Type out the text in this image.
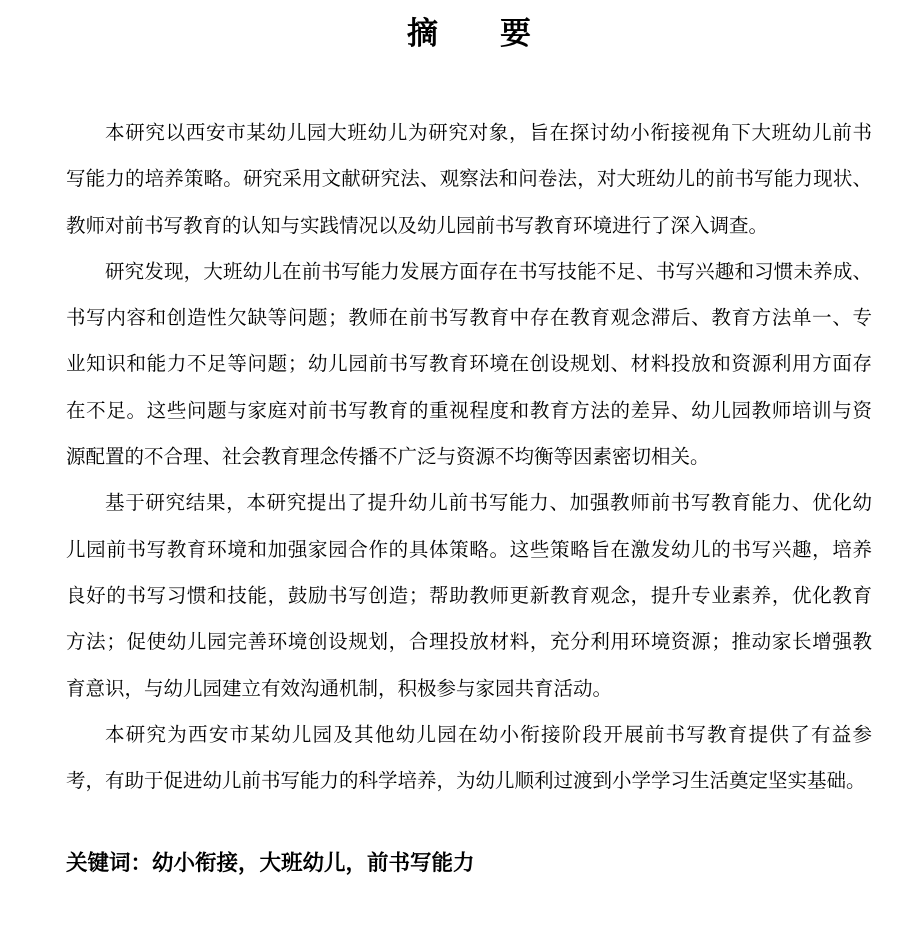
摘　　要
本研究以西安市某幼儿园大班幼儿为研究对象，旨在探讨幼小衔接视角下大班幼儿前书
写能力的培养策略。研究采用文献研究法、观察法和问卷法，对大班幼儿的前书写能力现状、
教师对前书写教育的认知与实践情况以及幼儿园前书写教育环境进行了深入调查。
研究发现，大班幼儿在前书写能力发展方面存在书写技能不足、书写兴趣和习惯未养成、
书写内容和创造性欠缺等问题；教师在前书写教育中存在教育观念滞后、教育方法单一、专
业知识和能力不足等问题；幼儿园前书写教育环境在创设规划、材料投放和资源利用方面存
在不足。这些问题与家庭对前书写教育的重视程度和教育方法的差异、幼儿园教师培训与资
源配置的不合理、社会教育理念传播不广泛与资源不均衡等因素密切相关。
基于研究结果，本研究提出了提升幼儿前书写能力、加强教师前书写教育能力、优化幼
儿园前书写教育环境和加强家园合作的具体策略。这些策略旨在激发幼儿的书写兴趣，培养
良好的书写习惯和技能，鼓励书写创造；帮助教师更新教育观念，提升专业素养，优化教育
方法；促使幼儿园完善环境创设规划，合理投放材料，充分利用环境资源；推动家长增强教
育意识，与幼儿园建立有效沟通机制，积极参与家园共育活动。
本研究为西安市某幼儿园及其他幼儿园在幼小衔接阶段开展前书写教育提供了有益参
考，有助于促进幼儿前书写能力的科学培养，为幼儿顺利过渡到小学学习生活奠定坚实基础。
关键词：幼小衔接，大班幼儿，前书写能力
